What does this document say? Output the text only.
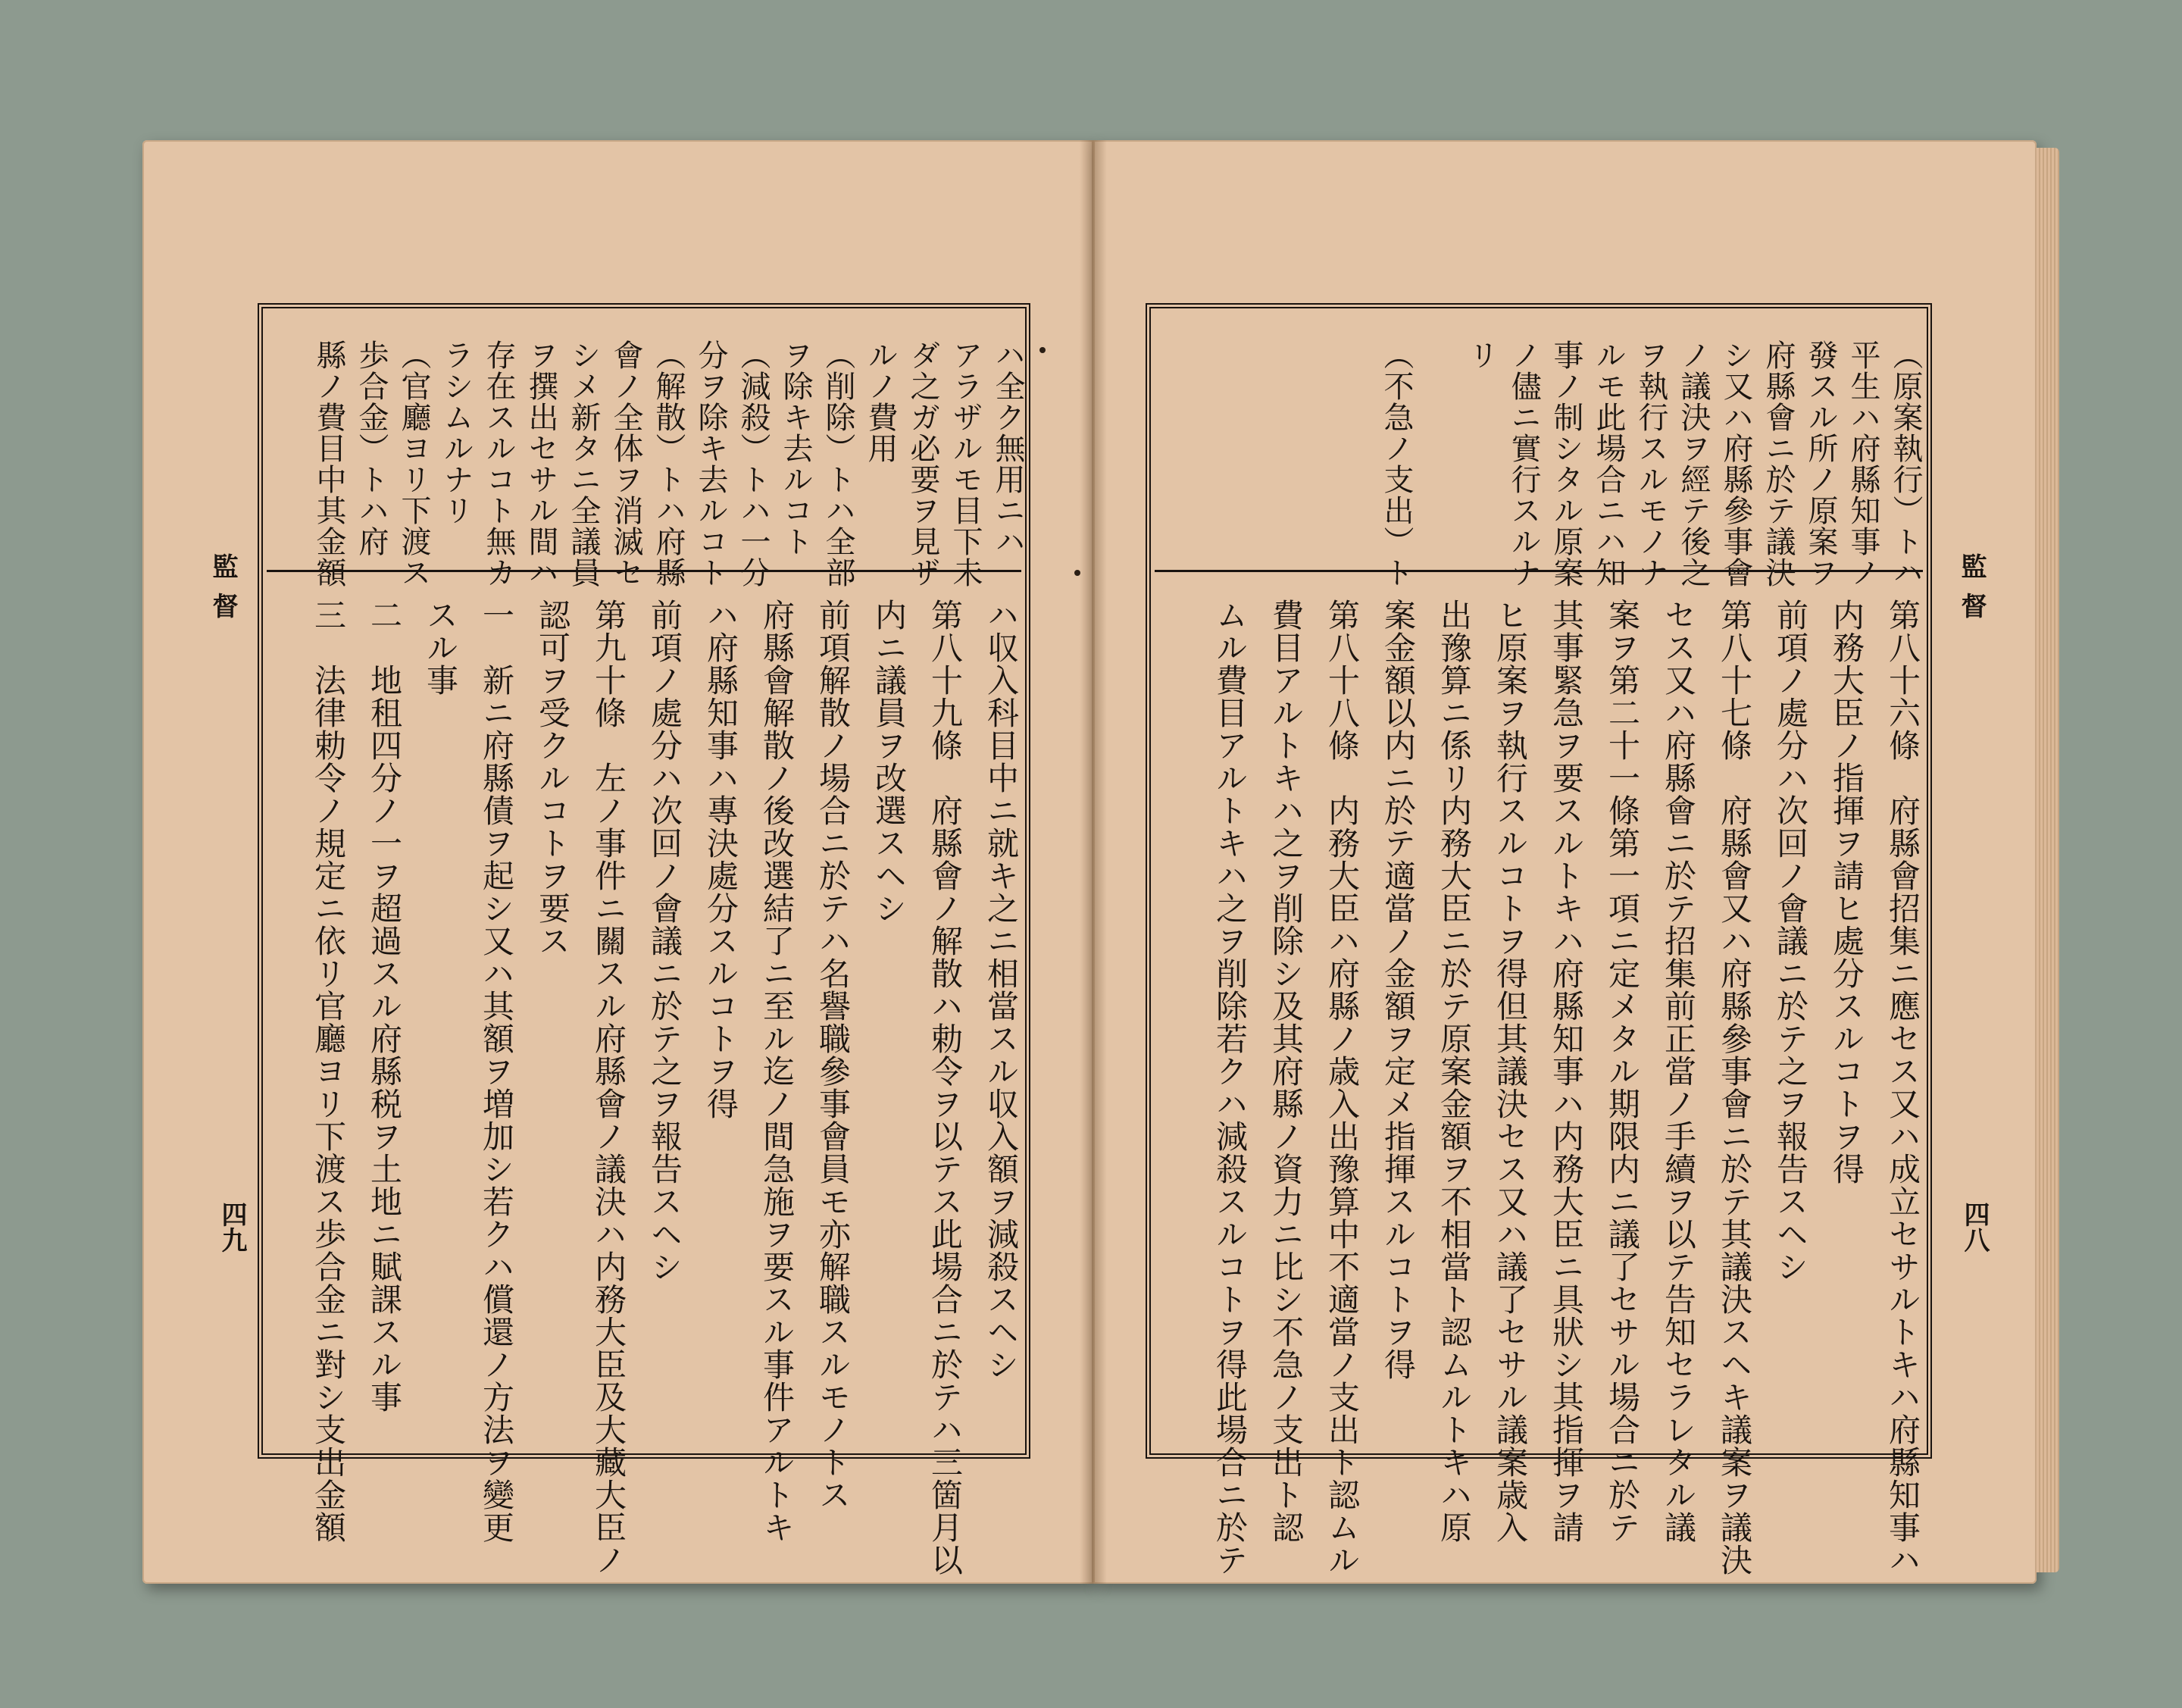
監督
四九
監督
四八
ハ全ク無用ニハ
アラザルモ目下未
ダ之ガ必要ヲ見ザ
ルノ費用
（削除）トハ全部
ヲ除キ去ルコト
（減殺）トハ一分
分ヲ除キ去ルコト
（解散）トハ府縣
會ノ全体ヲ消滅セ
シメ新タニ全議員
ヲ撰出セサル間ハ
存在スルコト無カ
ラシムルナリ
（官廳ヨリ下渡ス
歩合金）トハ府
縣ノ費目中其金額
ハ収入科目中ニ就キ之ニ相當スル収入額ヲ減殺スヘシ
第八十九條　府縣會ノ解散ハ勅令ヲ以テス此場合ニ於テハ三箇月以
内ニ議員ヲ改選スヘシ
前項解散ノ場合ニ於テハ名譽職參事會員モ亦解職スルモノトス
府縣會解散ノ後改選結了ニ至ル迄ノ間急施ヲ要スル事件アルトキ
ハ府縣知事ハ專決處分スルコトヲ得
前項ノ處分ハ次回ノ會議ニ於テ之ヲ報告スヘシ
第九十條　左ノ事件ニ關スル府縣會ノ議決ハ内務大臣及大藏大臣ノ
認可ヲ受クルコトヲ要ス
一　新ニ府縣債ヲ起シ又ハ其額ヲ増加シ若クハ償還ノ方法ヲ變更
スル事
二　地租四分ノ一ヲ超過スル府縣税ヲ土地ニ賦課スル事
三　法律勅令ノ規定ニ依リ官廳ヨリ下渡ス歩合金ニ對シ支出金額
（原案執行）トハ
平生ハ府縣知事ノ
發スル所ノ原案ヲ
府縣會ニ於テ議決
シ又ハ府縣參事會
ノ議決ヲ經テ後之
ヲ執行スルモノナ
ルモ此場合ニハ知
事ノ制シタル原案
ノ儘ニ實行スルナ
リ
（不急ノ支出）ト
第八十六條　府縣會招集ニ應セス又ハ成立セサルトキハ府縣知事ハ
内務大臣ノ指揮ヲ請ヒ處分スルコトヲ得
前項ノ處分ハ次回ノ會議ニ於テ之ヲ報告スヘシ
第八十七條　府縣會又ハ府縣參事會ニ於テ其議決スヘキ議案ヲ議決
セス又ハ府縣會ニ於テ招集前正當ノ手續ヲ以テ告知セラレタル議
案ヲ第二十一條第一項ニ定メタル期限内ニ議了セサル場合ニ於テ
其事緊急ヲ要スルトキハ府縣知事ハ内務大臣ニ具狀シ其指揮ヲ請
ヒ原案ヲ執行スルコトヲ得但其議決セス又ハ議了セサル議案歳入
出豫算ニ係リ内務大臣ニ於テ原案金額ヲ不相當ト認ムルトキハ原
案金額以内ニ於テ適當ノ金額ヲ定メ指揮スルコトヲ得
第八十八條　内務大臣ハ府縣ノ歳入出豫算中不適當ノ支出ト認ムル
費目アルトキハ之ヲ削除シ及其府縣ノ資力ニ比シ不急ノ支出ト認
ムル費目アルトキハ之ヲ削除若クハ減殺スルコトヲ得此場合ニ於テ
